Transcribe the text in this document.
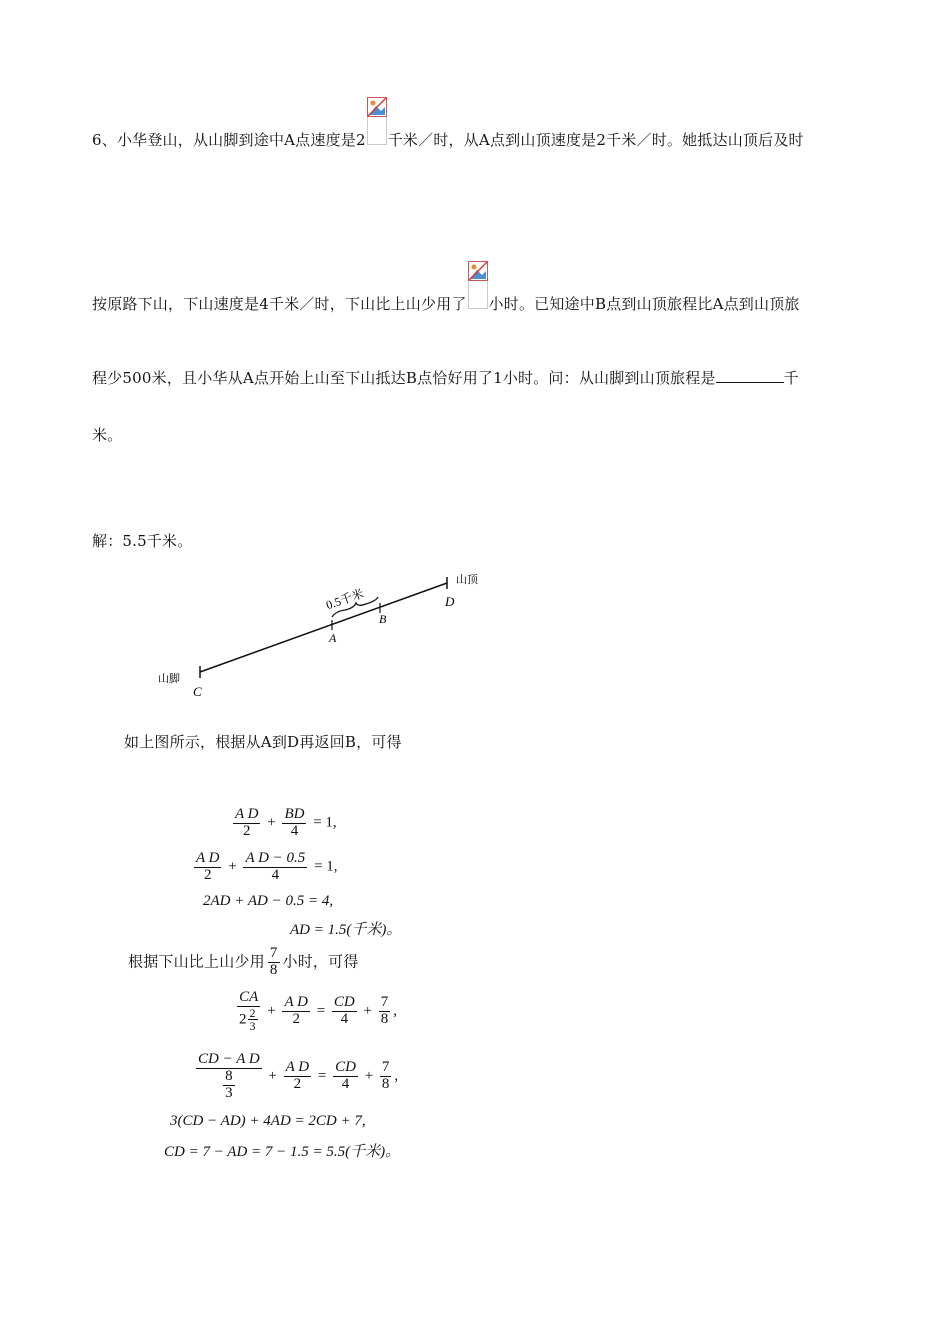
6、小华登山，从山脚到途中A点速度是2 千米／时，从A点到山顶速度是2千米／时。她抵达山顶后及时
按原路下山，下山速度是4千米／时，下山比上山少用了 小时。已知途中B点到山顶旅程比A点到山顶旅
程少500米，且小华从A点开始上山至下山抵达B点恰好用了1小时。问：从山脚到山顶旅程是	千
米。
解：5.5千米。
0.5千米
山脚
山顶
C
A
B
D
如上图所示，根据从A到D再返回B，可得
$\frac{\text{A D}}{2} + \frac{BD}{4} = 1$,
$\frac{\text{A D}}{2} + \frac{\text{A D − 0.5}}{4} = 1$,
2AD + AD − 0.5 = 4,
AD = 1.5(千米)。
根据下山比上山少用 $\frac{7}{8}$ 小时，可得
$\frac{CA}{2 \frac{2}{3}} + \frac{\text{A D}}{2} = \frac{CD}{4} + \frac{7}{8}$ ,
$\frac{\text{CD − A D}}{\frac{8}{3}} + \frac{\text{A D}}{2} = \frac{CD}{4} + \frac{7}{8}$ ,
3(CD − AD) + 4AD = 2CD + 7,
CD = 7 − AD = 7 − 1.5 = 5.5(千米)。
